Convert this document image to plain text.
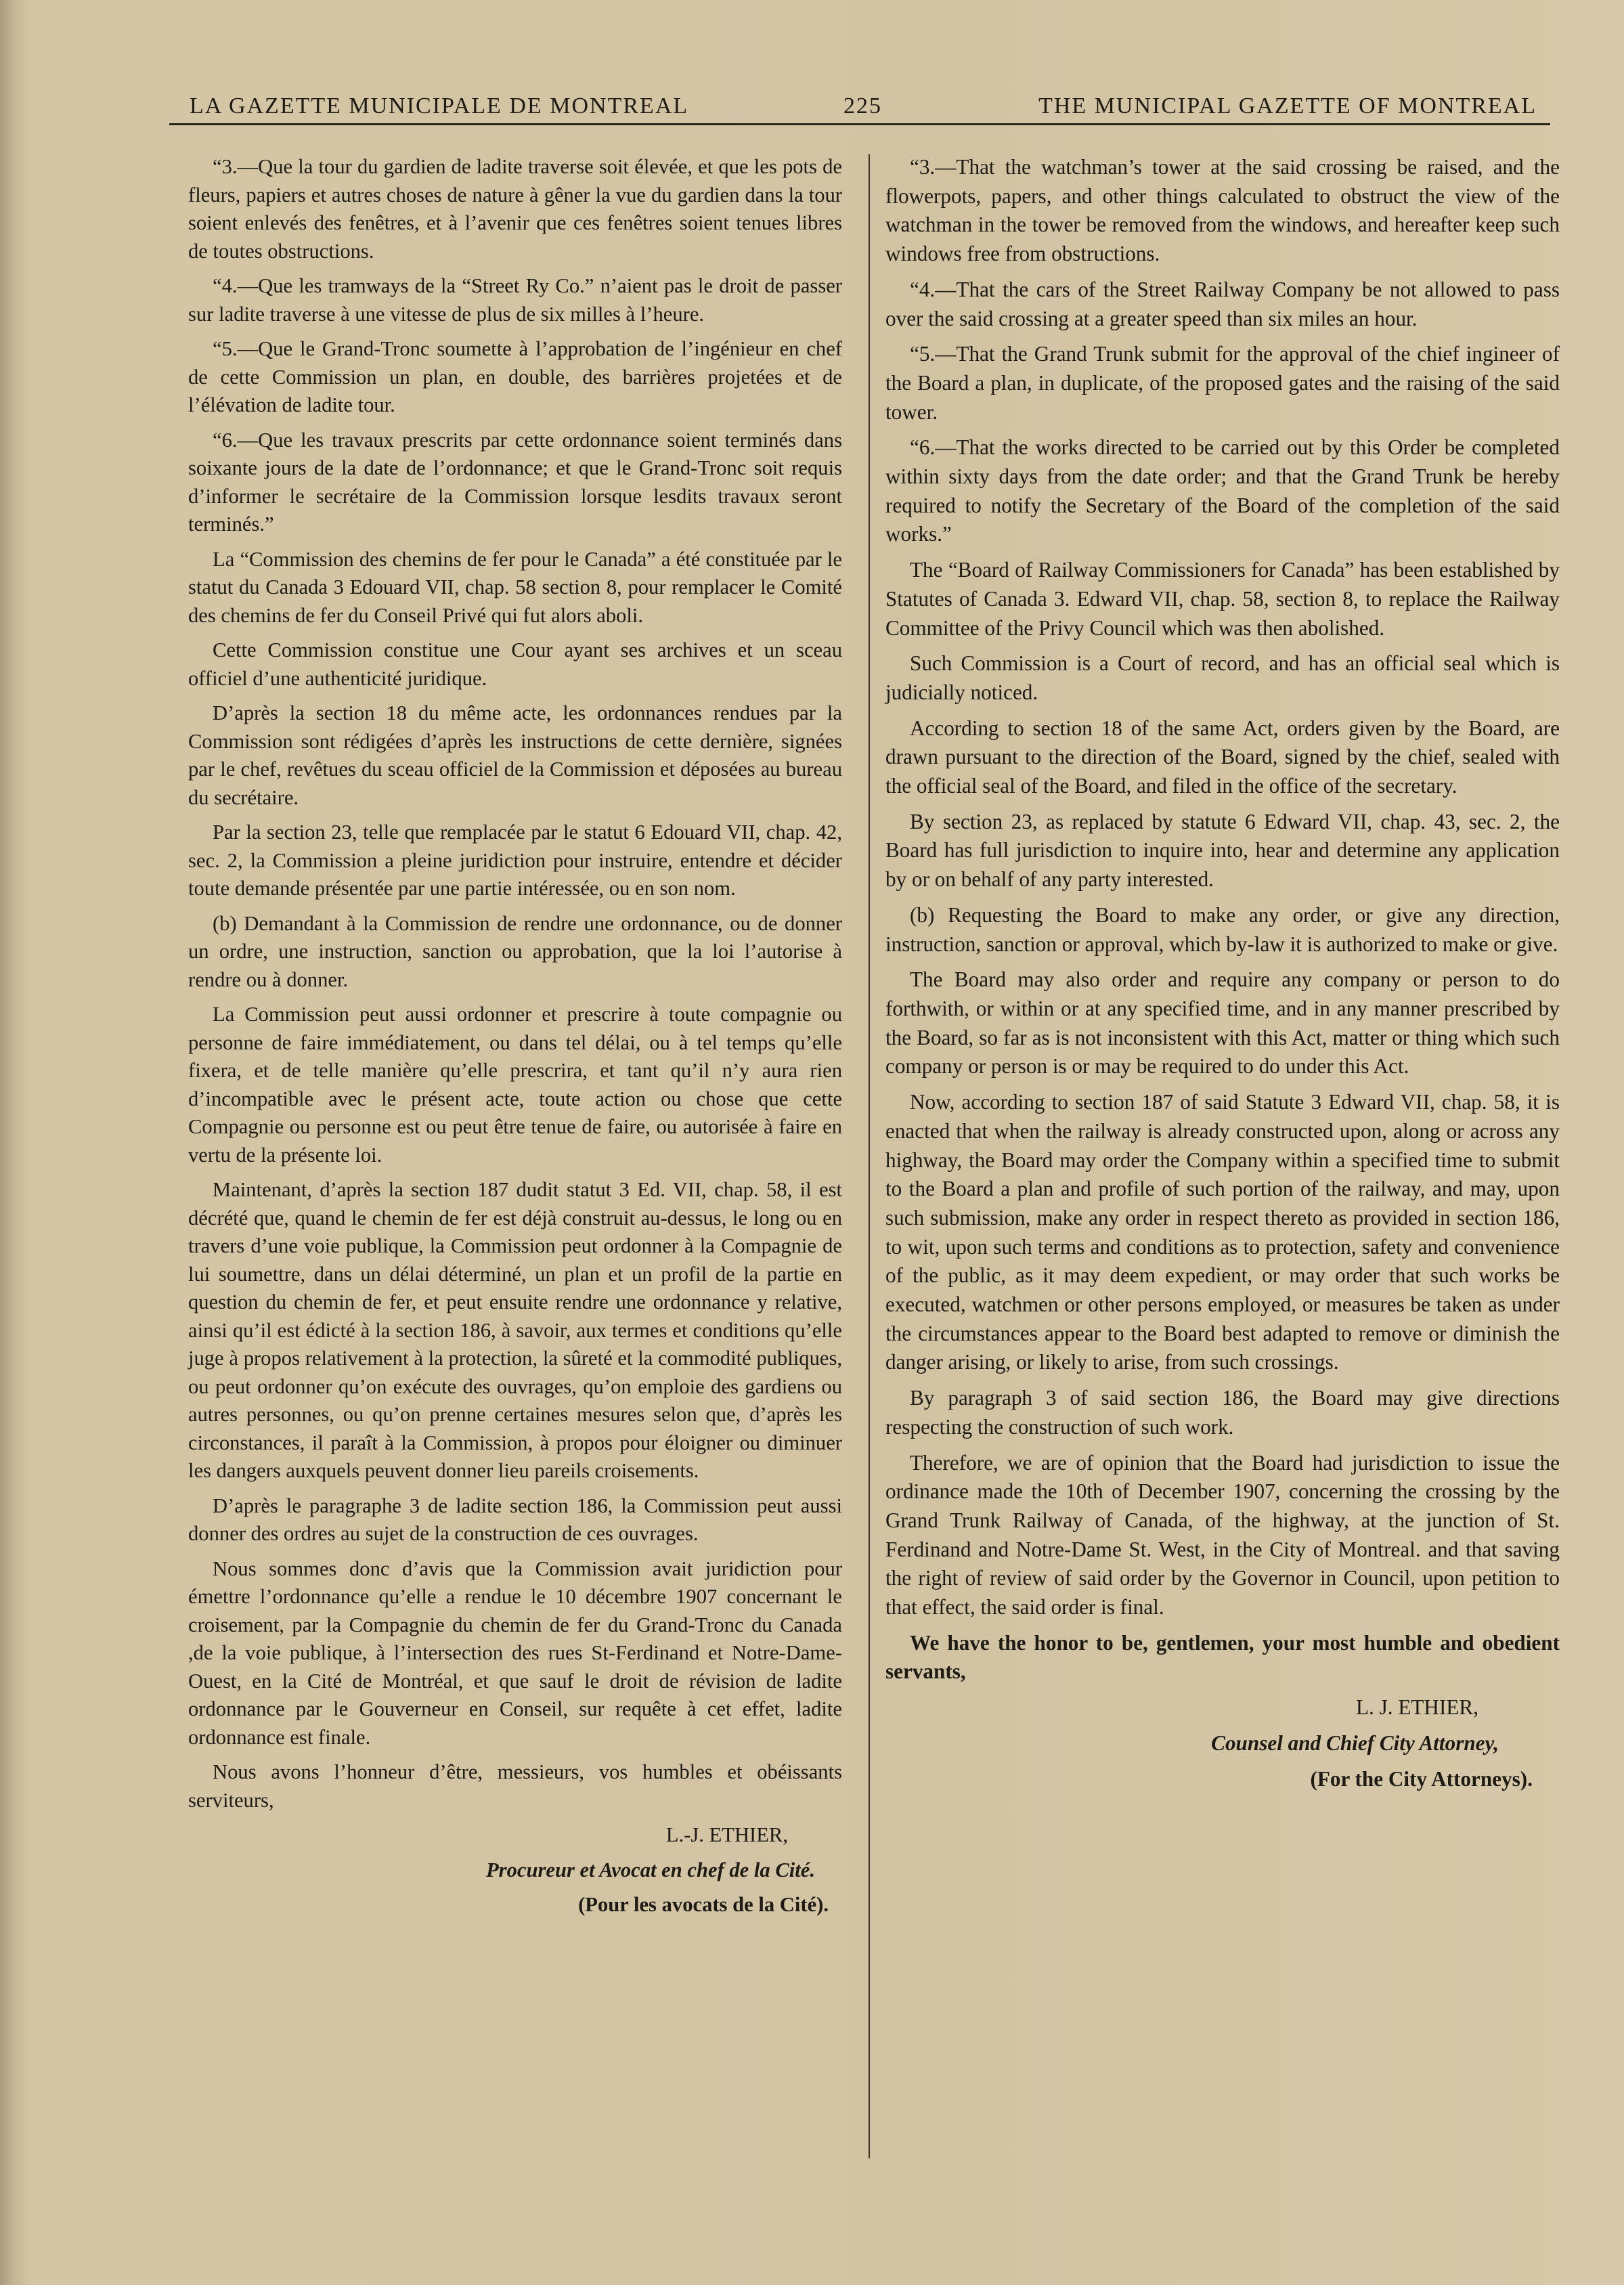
LA GAZETTE MUNICIPALE DE MONTREAL	225	THE MUNICIPAL GAZETTE OF MONTREAL

“3.—Que la tour du gardien de ladite traverse soit élevée, et que les pots de fleurs, papiers et autres choses de nature à gêner la vue du gardien dans la tour soient enlevés des fenêtres, et à l’avenir que ces fenêtres soient tenues libres de toutes obstructions.

“4.—Que les tramways de la “Street Ry Co.” n’aient pas le droit de passer sur ladite traverse à une vitesse de plus de six milles à l’heure.

“5.—Que le Grand-Tronc soumette à l’approbation de l’ingénieur en chef de cette Commission un plan, en double, des barrières projetées et de l’élévation de ladite tour.

“6.—Que les travaux prescrits par cette ordonnance soient terminés dans soixante jours de la date de l’ordonnance; et que le Grand-Tronc soit requis d’informer le secrétaire de la Commission lorsque lesdits travaux seront terminés.”

La “Commission des chemins de fer pour le Canada” a été constituée par le statut du Canada 3 Edouard VII, chap. 58 section 8, pour remplacer le Comité des chemins de fer du Conseil Privé qui fut alors aboli.

Cette Commission constitue une Cour ayant ses archives et un sceau officiel d’une authenticité juridique.

D’après la section 18 du même acte, les ordonnances rendues par la Commission sont rédigées d’après les instructions de cette dernière, signées par le chef, revêtues du sceau officiel de la Commission et déposées au bureau du secrétaire.

Par la section 23, telle que remplacée par le statut 6 Edouard VII, chap. 42, sec. 2, la Commission a pleine juridiction pour instruire, entendre et décider toute demande présentée par une partie intéressée, ou en son nom.

(b) Demandant à la Commission de rendre une ordonnance, ou de donner un ordre, une instruction, sanction ou approbation, que la loi l’autorise à rendre ou à donner.

La Commission peut aussi ordonner et prescrire à toute compagnie ou personne de faire immédiatement, ou dans tel délai, ou à tel temps qu’elle fixera, et de telle manière qu’elle prescrira, et tant qu’il n’y aura rien d’incompatible avec le présent acte, toute action ou chose que cette Compagnie ou personne est ou peut être tenue de faire, ou autorisée à faire en vertu de la présente loi.

Maintenant, d’après la section 187 dudit statut 3 Ed. VII, chap. 58, il est décrété que, quand le chemin de fer est déjà construit au-dessus, le long ou en travers d’une voie publique, la Commission peut ordonner à la Compagnie de lui soumettre, dans un délai déterminé, un plan et un profil de la partie en question du chemin de fer, et peut ensuite rendre une ordonnance y relative, ainsi qu’il est édicté à la section 186, à savoir, aux termes et conditions qu’elle juge à propos relativement à la protection, la sûreté et la commodité publiques, ou peut ordonner qu’on exécute des ouvrages, qu’on emploie des gardiens ou autres personnes, ou qu’on prenne certaines mesures selon que, d’après les circonstances, il paraît à la Commission, à propos pour éloigner ou diminuer les dangers auxquels peuvent donner lieu pareils croisements.

D’après le paragraphe 3 de ladite section 186, la Commission peut aussi donner des ordres au sujet de la construction de ces ouvrages.

Nous sommes donc d’avis que la Commission avait juridiction pour émettre l’ordonnance qu’elle a rendue le 10 décembre 1907 concernant le croisement, par la Compagnie du chemin de fer du Grand-Tronc du Canada ,de la voie publique, à l’intersection des rues St-Ferdinand et Notre-Dame-Ouest, en la Cité de Montréal, et que sauf le droit de révision de ladite ordonnance par le Gouverneur en Conseil, sur requête à cet effet, ladite ordonnance est finale.

Nous avons l’honneur d’être, messieurs, vos humbles et obéissants serviteurs,

L.-J. ETHIER,

Procureur et Avocat en chef de la Cité.

(Pour les avocats de la Cité).

“3.—That the watchman’s tower at the said crossing be raised, and the flowerpots, papers, and other things calculated to obstruct the view of the watchman in the tower be removed from the windows, and hereafter keep such windows free from obstructions.

“4.—That the cars of the Street Railway Company be not allowed to pass over the said crossing at a greater speed than six miles an hour.

“5.—That the Grand Trunk submit for the approval of the chief ingineer of the Board a plan, in duplicate, of the proposed gates and the raising of the said tower.

“6.—That the works directed to be carried out by this Order be completed within sixty days from the date order; and that the Grand Trunk be hereby required to notify the Secretary of the Board of the completion of the said works.”

The “Board of Railway Commissioners for Canada” has been established by Statutes of Canada 3. Edward VII, chap. 58, section 8, to replace the Railway Committee of the Privy Council which was then abolished.

Such Commission is a Court of record, and has an official seal which is judicially noticed.

According to section 18 of the same Act, orders given by the Board, are drawn pursuant to the direction of the Board, signed by the chief, sealed with the official seal of the Board, and filed in the office of the secretary.

By section 23, as replaced by statute 6 Edward VII, chap. 43, sec. 2, the Board has full jurisdiction to inquire into, hear and determine any application by or on behalf of any party interested.

(b) Requesting the Board to make any order, or give any direction, instruction, sanction or approval, which by-law it is authorized to make or give.

The Board may also order and require any company or person to do forthwith, or within or at any specified time, and in any manner prescribed by the Board, so far as is not inconsistent with this Act, matter or thing which such company or person is or may be required to do under this Act.

Now, according to section 187 of said Statute 3 Edward VII, chap. 58, it is enacted that when the railway is already constructed upon, along or across any highway, the Board may order the Company within a specified time to submit to the Board a plan and profile of such portion of the railway, and may, upon such submission, make any order in respect thereto as provided in section 186, to wit, upon such terms and conditions as to protection, safety and convenience of the public, as it may deem expedient, or may order that such works be executed, watchmen or other persons employed, or measures be taken as under the circumstances appear to the Board best adapted to remove or diminish the danger arising, or likely to arise, from such crossings.

By paragraph 3 of said section 186, the Board may give directions respecting the construction of such work.

Therefore, we are of opinion that the Board had jurisdiction to issue the ordinance made the 10th of December 1907, concerning the crossing by the Grand Trunk Railway of Canada, of the highway, at the junction of St. Ferdinand and Notre-Dame St. West, in the City of Montreal. and that saving the right of review of said order by the Governor in Council, upon petition to that effect, the said order is final.

We have the honor to be, gentlemen, your most humble and obedient servants,

L. J. ETHIER,

Counsel and Chief City Attorney,

(For the City Attorneys).
